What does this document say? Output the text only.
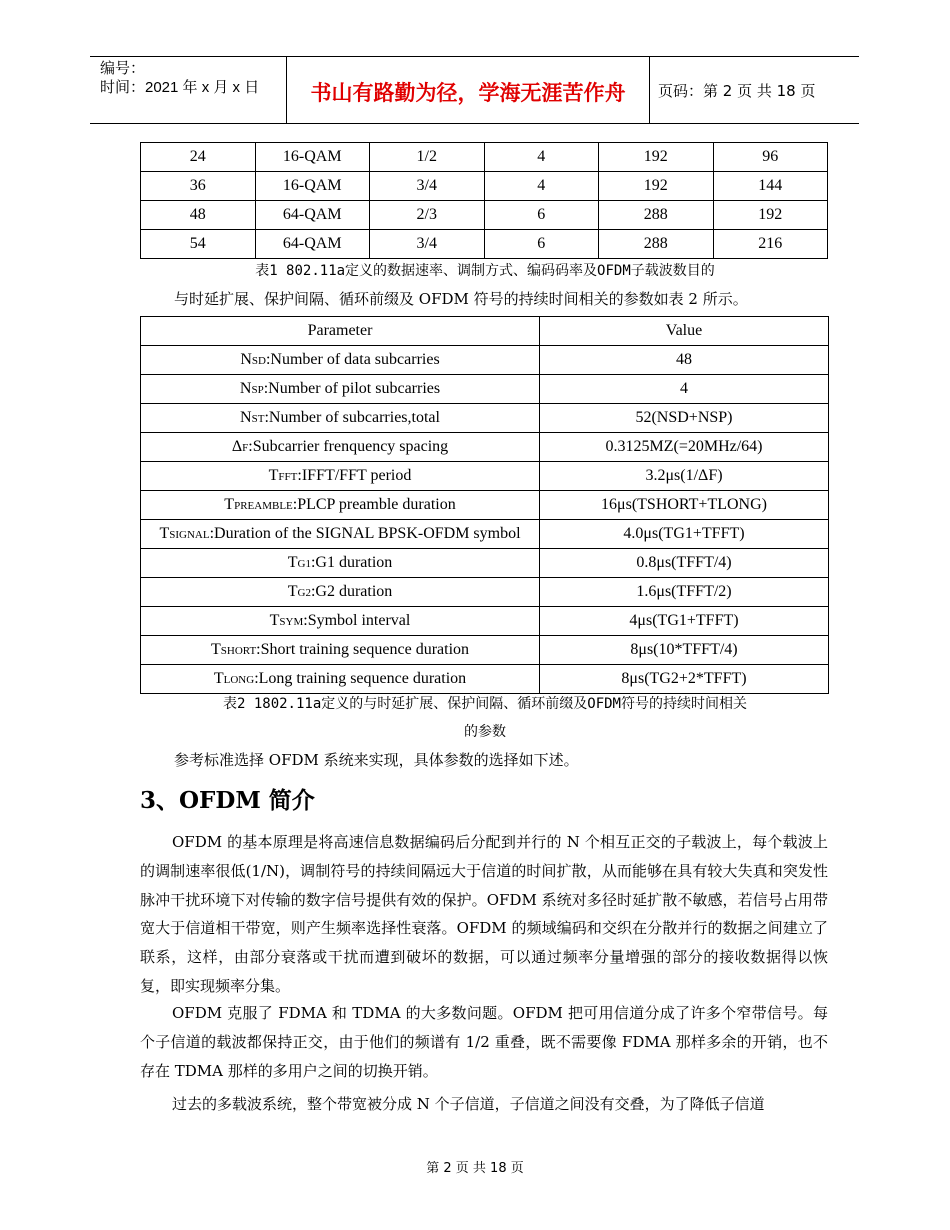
编号：
时间：2021 年 x 月 x 日	书山有路勤为径，学海无涯苦作舟	页码：第 2 页 共 18 页
24	16-QAM	1/2	4	192	96
36	16-QAM	3/4	4	192	144
48	64-QAM	2/3	6	288	192
54	64-QAM	3/4	6	288	216
表1 802.11a定义的数据速率、调制方式、编码码率及OFDM子载波数目的
与时延扩展、保护间隔、循环前缀及 OFDM 符号的持续时间相关的参数如表 2 所示。
Parameter	Value
NSD:Number of data subcarries	48
NSP:Number of pilot subcarries	4
NST:Number of subcarries,total	52(NSD+NSP)
ΔF:Subcarrier frenquency spacing	0.3125MZ(=20MHz/64)
TFFT:IFFT/FFT period	3.2μs(1/ΔF)
TPREAMBLE:PLCP preamble duration	16μs(TSHORT+TLONG)
TSIGNAL:Duration of the SIGNAL BPSK-OFDM symbol	4.0μs(TG1+TFFT)
TG1:G1 duration	0.8μs(TFFT/4)
TG2:G2 duration	1.6μs(TFFT/2)
TSYM:Symbol interval	4μs(TG1+TFFT)
TSHORT:Short training sequence duration	8μs(10*TFFT/4)
TLONG:Long training sequence duration	8μs(TG2+2*TFFT)
表2 1802.11a定义的与时延扩展、保护间隔、循环前缀及OFDM符号的持续时间相关
的参数
参考标准选择 OFDM 系统来实现，具体参数的选择如下述。
3、OFDM 简介

OFDM 的基本原理是将高速信息数据编码后分配到并行的 N 个相互正交的子载波上，每个载波上的调制速率很低(1/N)，调制符号的持续间隔远大于信道的时间扩散，从而能够在具有较大失真和突发性脉冲干扰环境下对传输的数字信号提供有效的保护。OFDM 系统对多径时延扩散不敏感，若信号占用带宽大于信道相干带宽，则产生频率选择性衰落。OFDM 的频域编码和交织在分散并行的数据之间建立了联系，这样，由部分衰落或干扰而遭到破坏的数据，可以通过频率分量增强的部分的接收数据得以恢复，即实现频率分集。

OFDM 克服了 FDMA 和 TDMA 的大多数问题。OFDM 把可用信道分成了许多个窄带信号。每个子信道的载波都保持正交，由于他们的频谱有 1/2 重叠，既不需要像 FDMA 那样多余的开销，也不存在 TDMA 那样的多用户之间的切换开销。

过去的多载波系统，整个带宽被分成 N 个子信道，子信道之间没有交叠，为了降低子信道

第 2 页 共 18 页
